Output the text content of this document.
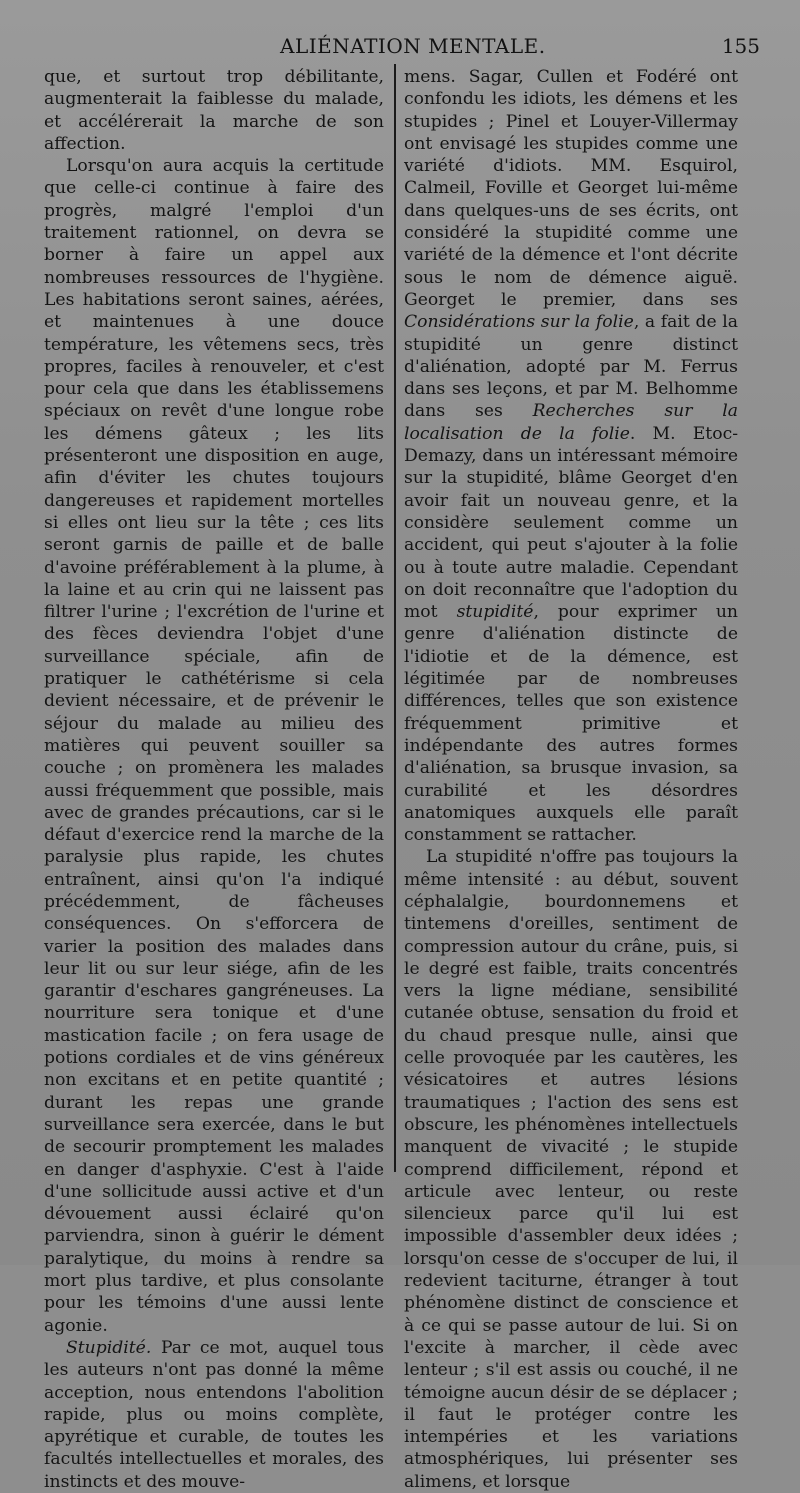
ALIÉNATION MENTALE.	155

que, et surtout trop débilitante, augmenterait la faiblesse du malade, et accélérerait la marche de son affection.

Lorsqu'on aura acquis la certitude que celle-ci continue à faire des progrès, malgré l'emploi d'un traitement rationnel, on devra se borner à faire un appel aux nombreuses ressources de l'hygiène. Les habitations seront saines, aérées, et maintenues à une douce température, les vêtemens secs, très propres, faciles à renouveler, et c'est pour cela que dans les établissemens spéciaux on revêt d'une longue robe les démens gâteux ; les lits présenteront une disposition en auge, afin d'éviter les chutes toujours dangereuses et rapidement mortelles si elles ont lieu sur la tête ; ces lits seront garnis de paille et de balle d'avoine préférablement à la plume, à la laine et au crin qui ne laissent pas filtrer l'urine ; l'excrétion de l'urine et des fèces deviendra l'objet d'une surveillance spéciale, afin de pratiquer le cathétérisme si cela devient nécessaire, et de prévenir le séjour du malade au milieu des matières qui peuvent souiller sa couche ; on promènera les malades aussi fréquemment que possible, mais avec de grandes précautions, car si le défaut d'exercice rend la marche de la paralysie plus rapide, les chutes entraînent, ainsi qu'on l'a indiqué précédemment, de fâcheuses conséquences. On s'efforcera de varier la position des malades dans leur lit ou sur leur siége, afin de les garantir d'eschares gangréneuses. La nourriture sera tonique et d'une mastication facile ; on fera usage de potions cordiales et de vins généreux non excitans et en petite quantité ; durant les repas une grande surveillance sera exercée, dans le but de secourir promptement les malades en danger d'asphyxie. C'est à l'aide d'une sollicitude aussi active et d'un dévouement aussi éclairé qu'on parviendra, sinon à guérir le dément paralytique, du moins à rendre sa mort plus tardive, et plus consolante pour les témoins d'une aussi lente agonie.

Stupidité. Par ce mot, auquel tous les auteurs n'ont pas donné la même acception, nous entendons l'abolition rapide, plus ou moins complète, apyrétique et curable, de toutes les facultés intellectuelles et morales, des instincts et des mouve-

mens. Sagar, Cullen et Fodéré ont confondu les idiots, les démens et les stupides ; Pinel et Louyer-Villermay ont envisagé les stupides comme une variété d'idiots. MM. Esquirol, Calmeil, Foville et Georget lui-même dans quelques-uns de ses écrits, ont considéré la stupidité comme une variété de la démence et l'ont décrite sous le nom de démence aiguë. Georget le premier, dans ses Considérations sur la folie, a fait de la stupidité un genre distinct d'aliénation, adopté par M. Ferrus dans ses leçons, et par M. Belhomme dans ses Recherches sur la localisation de la folie. M. Etoc-Demazy, dans un intéressant mémoire sur la stupidité, blâme Georget d'en avoir fait un nouveau genre, et la considère seulement comme un accident, qui peut s'ajouter à la folie ou à toute autre maladie. Cependant on doit reconnaître que l'adoption du mot stupidité, pour exprimer un genre d'aliénation distincte de l'idiotie et de la démence, est légitimée par de nombreuses différences, telles que son existence fréquemment primitive et indépendante des autres formes d'aliénation, sa brusque invasion, sa curabilité et les désordres anatomiques auxquels elle paraît constamment se rattacher.

La stupidité n'offre pas toujours la même intensité : au début, souvent céphalalgie, bourdonnemens et tintemens d'oreilles, sentiment de compression autour du crâne, puis, si le degré est faible, traits concentrés vers la ligne médiane, sensibilité cutanée obtuse, sensation du froid et du chaud presque nulle, ainsi que celle provoquée par les cautères, les vésicatoires et autres lésions traumatiques ; l'action des sens est obscure, les phénomènes intellectuels manquent de vivacité ; le stupide comprend difficilement, répond et articule avec lenteur, ou reste silencieux parce qu'il lui est impossible d'assembler deux idées ; lorsqu'on cesse de s'occuper de lui, il redevient taciturne, étranger à tout phénomène distinct de conscience et à ce qui se passe autour de lui. Si on l'excite à marcher, il cède avec lenteur ; s'il est assis ou couché, il ne témoigne aucun désir de se déplacer ; il faut le protéger contre les intempéries et les variations atmosphériques, lui présenter ses alimens, et lorsque
